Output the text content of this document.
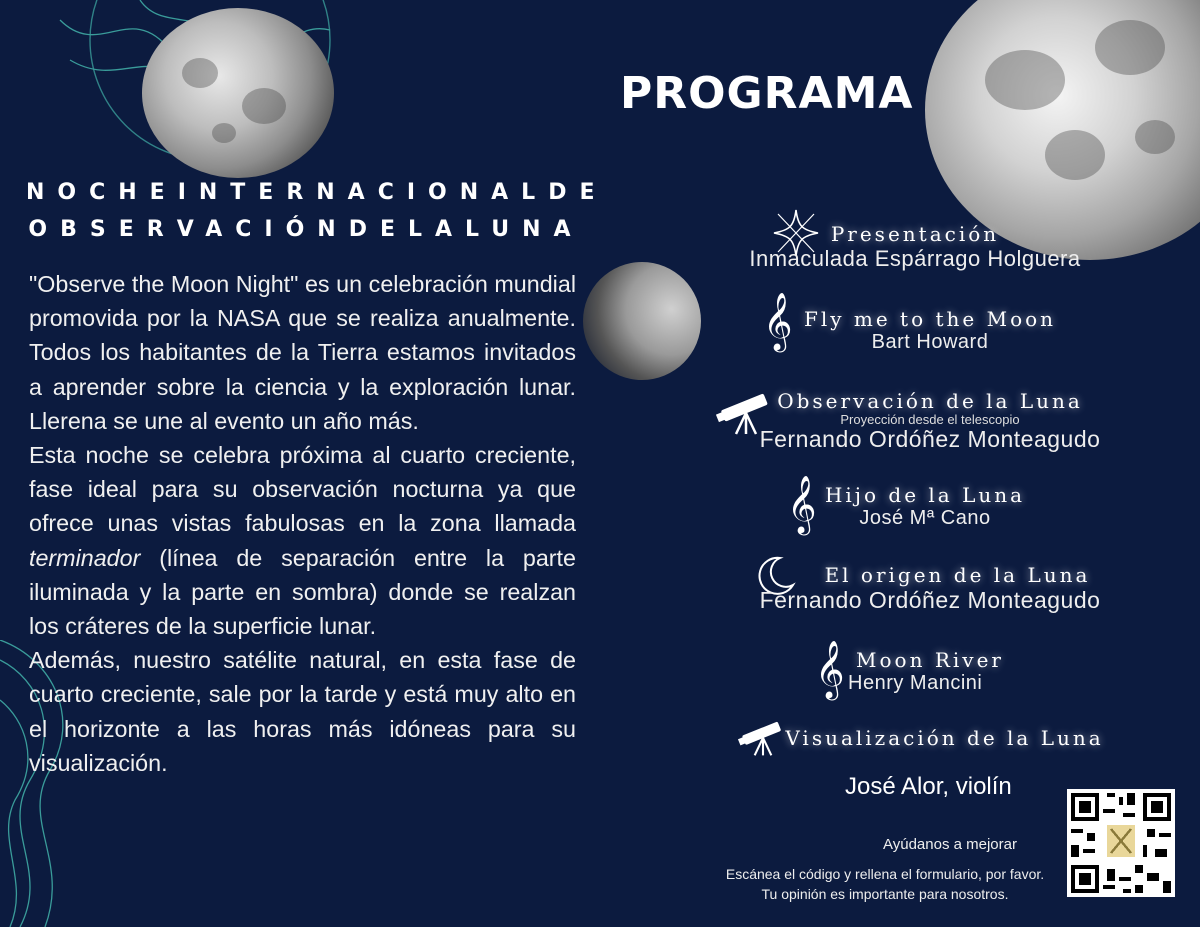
NOCHEINTERNACIONALDE
OBSERVACIÓNDELALUNA

"Observe the Moon Night" es un celebración mundial promovida por la NASA que se realiza anualmente. Todos los habitantes de la Tierra estamos invitados a aprender sobre la ciencia y la exploración lunar. Llerena se une al evento un año más.

Esta noche se celebra próxima al cuarto creciente, fase ideal para su observación nocturna ya que ofrece unas vistas fabulosas en la zona llamada terminador (línea de separación entre la parte iluminada y la parte en sombra) donde se realzan los cráteres de la superficie lunar.

Además, nuestro satélite natural, en esta fase de cuarto creciente, sale por la tarde y está muy alto en el horizonte a las horas más idóneas para su visualización.

PROGRAMA
Presentación
Inmaculada Espárrago Holguera
𝄞 Fly me to the Moon
Bart Howard
Observación de la Luna
Proyección desde el telescopio
Fernando Ordóñez Monteagudo
𝄞 Hijo de la Luna
José Mª Cano
El origen de la Luna
Fernando Ordóñez Monteagudo
𝄞 Moon River
Henry Mancini
Visualización de la Luna
José Alor, violín
Ayúdanos a mejorar
Escánea el código y rellena el formulario, por favor.
Tu opinión es importante para nosotros.
